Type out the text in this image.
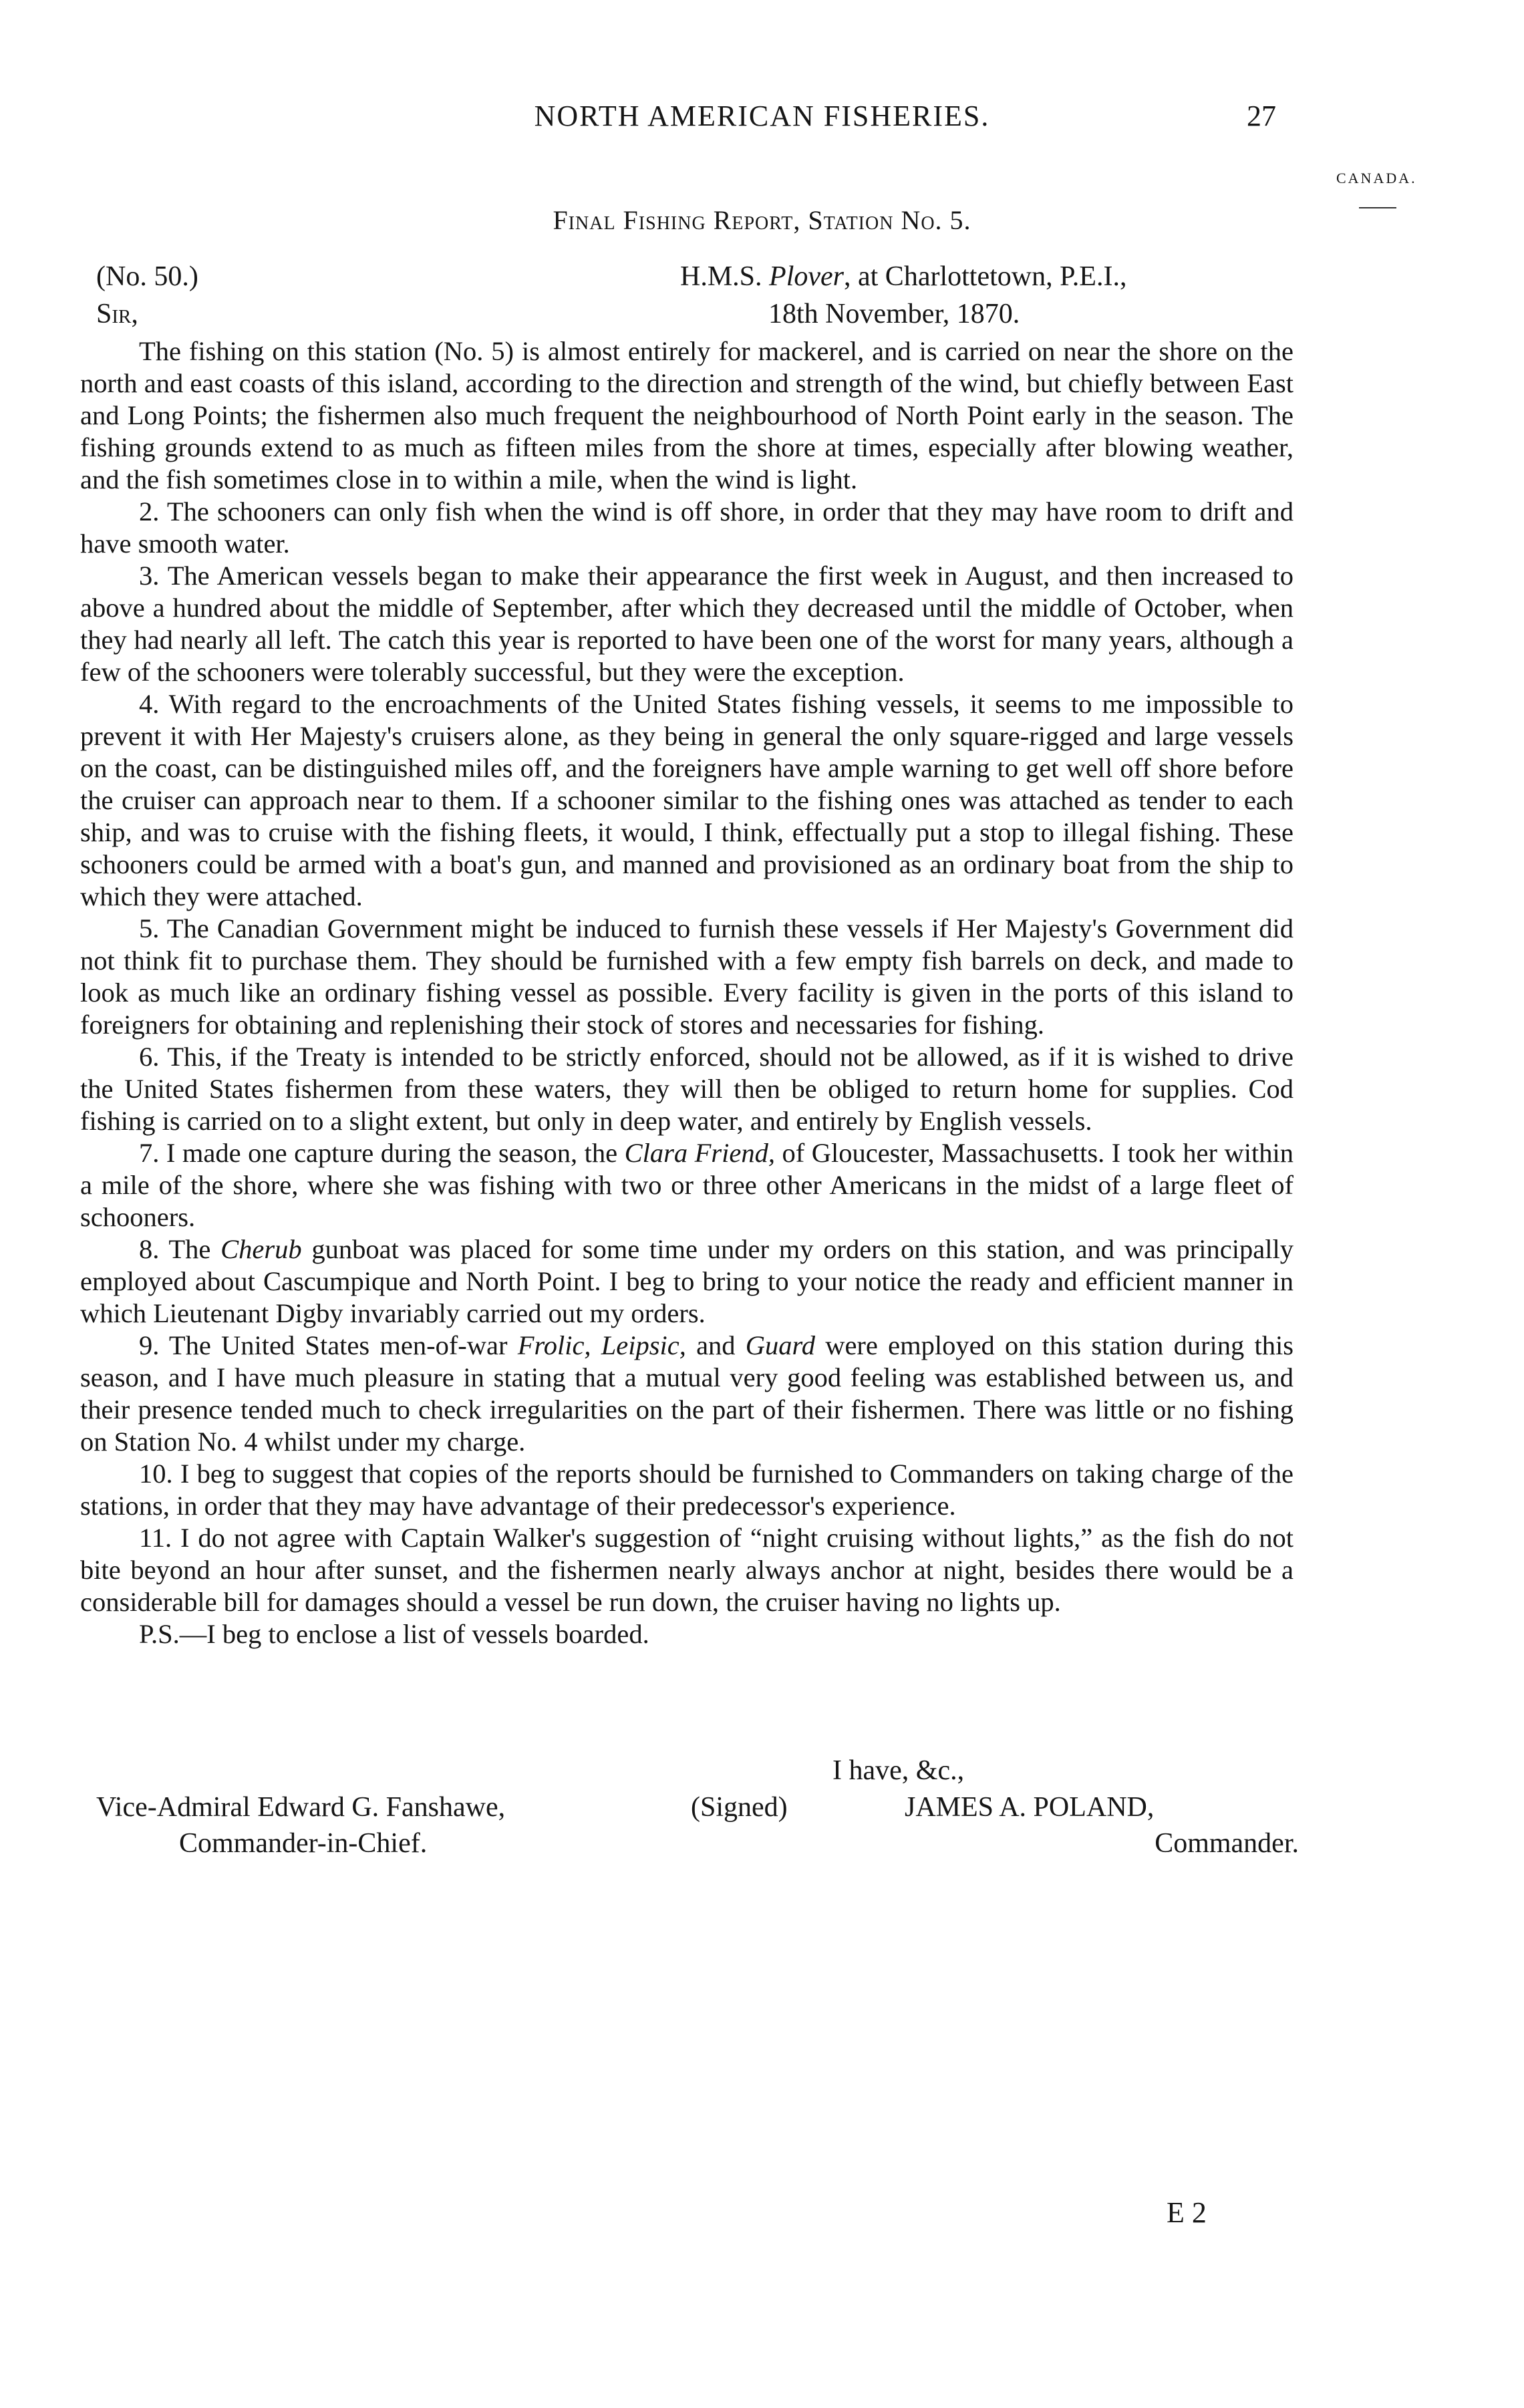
NORTH AMERICAN FISHERIES.	27
CANADA.
Final Fishing Report, Station No. 5.
(No. 50.)	H.M.S. Plover, at Charlottetown, P.E.I.,
Sir,	18th November, 1870.

The fishing on this station (No. 5) is almost entirely for mackerel, and is carried on near the shore on the north and east coasts of this island, according to the direction and strength of the wind, but chiefly between East and Long Points; the fishermen also much frequent the neighbourhood of North Point early in the season. The fishing grounds extend to as much as fifteen miles from the shore at times, especially after blowing weather, and the fish sometimes close in to within a mile, when the wind is light.

2. The schooners can only fish when the wind is off shore, in order that they may have room to drift and have smooth water.

3. The American vessels began to make their appearance the first week in August, and then increased to above a hundred about the middle of September, after which they decreased until the middle of October, when they had nearly all left. The catch this year is reported to have been one of the worst for many years, although a few of the schooners were tolerably successful, but they were the exception.

4. With regard to the encroachments of the United States fishing vessels, it seems to me impossible to prevent it with Her Majesty's cruisers alone, as they being in general the only square-rigged and large vessels on the coast, can be distinguished miles off, and the foreigners have ample warning to get well off shore before the cruiser can approach near to them. If a schooner similar to the fishing ones was attached as tender to each ship, and was to cruise with the fishing fleets, it would, I think, effectually put a stop to illegal fishing. These schooners could be armed with a boat's gun, and manned and provisioned as an ordinary boat from the ship to which they were attached.

5. The Canadian Government might be induced to furnish these vessels if Her Majesty's Government did not think fit to purchase them. They should be furnished with a few empty fish barrels on deck, and made to look as much like an ordinary fishing vessel as possible. Every facility is given in the ports of this island to foreigners for obtaining and replenishing their stock of stores and necessaries for fishing.

6. This, if the Treaty is intended to be strictly enforced, should not be allowed, as if it is wished to drive the United States fishermen from these waters, they will then be obliged to return home for supplies. Cod fishing is carried on to a slight extent, but only in deep water, and entirely by English vessels.

7. I made one capture during the season, the Clara Friend, of Gloucester, Massachusetts. I took her within a mile of the shore, where she was fishing with two or three other Americans in the midst of a large fleet of schooners.

8. The Cherub gunboat was placed for some time under my orders on this station, and was principally employed about Cascumpique and North Point. I beg to bring to your notice the ready and efficient manner in which Lieutenant Digby invariably carried out my orders.

9. The United States men-of-war Frolic, Leipsic, and Guard were employed on this station during this season, and I have much pleasure in stating that a mutual very good feeling was established between us, and their presence tended much to check irregularities on the part of their fishermen. There was little or no fishing on Station No. 4 whilst under my charge.

10. I beg to suggest that copies of the reports should be furnished to Commanders on taking charge of the stations, in order that they may have advantage of their predecessor's experience.

11. I do not agree with Captain Walker's suggestion of “night cruising without lights,” as the fish do not bite beyond an hour after sunset, and the fishermen nearly always anchor at night, besides there would be a considerable bill for damages should a vessel be run down, the cruiser having no lights up.

P.S.—I beg to enclose a list of vessels boarded.

I have, &c.,
Vice-Admiral Edward G. Fanshawe,	(Signed)	JAMES A. POLAND,
Commander-in-Chief.	Commander.
E 2
